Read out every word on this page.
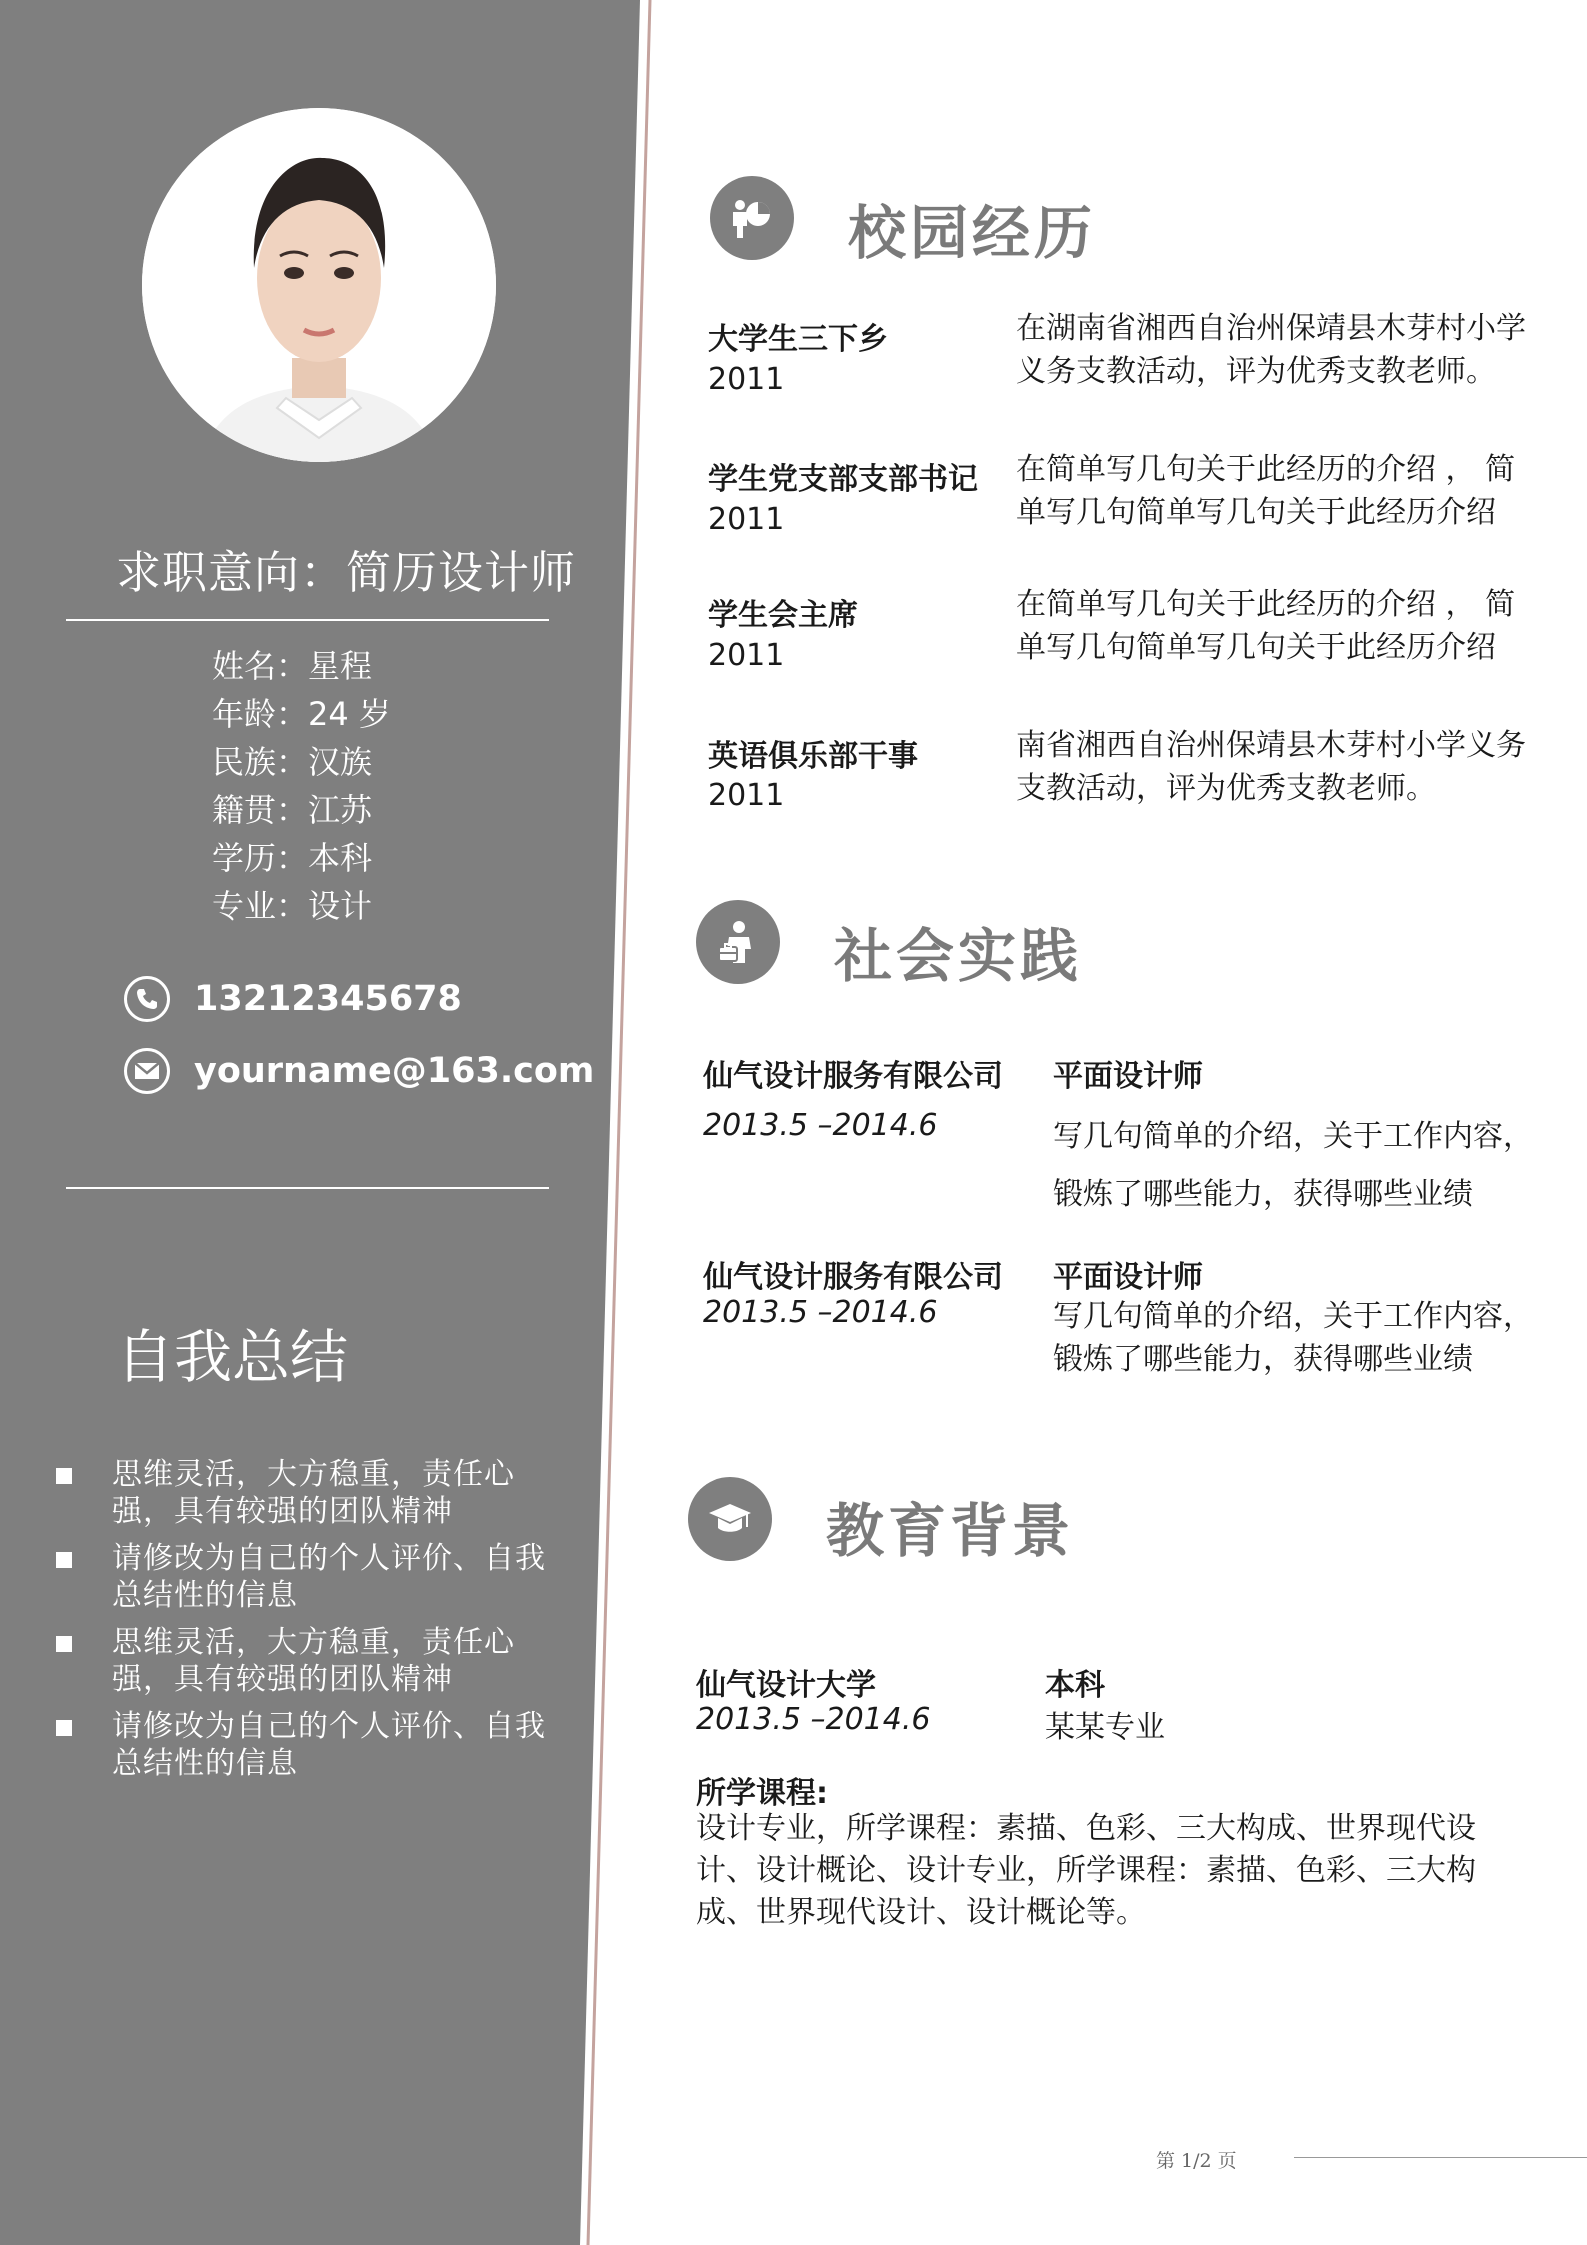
求职意向：简历设计师
姓名：星程
年龄：24 岁
民族：汉族
籍贯：江苏
学历：本科
专业：设计
13212345678
yourname@163.com
自我总结
思维灵活，大方稳重，责任心强，具有较强的团队精神
请修改为自己的个人评价、自我总结性的信息
思维灵活，大方稳重，责任心强，具有较强的团队精神
请修改为自己的个人评价、自我总结性的信息
校园经历
大学生三下乡
2011
在湖南省湘西自治州保靖县木芽村小学义务支教活动，评为优秀支教老师。
学生党支部支部书记
2011
在简单写几句关于此经历的介绍 ， 简单写几句简单写几句关于此经历介绍
学生会主席
2011
在简单写几句关于此经历的介绍 ， 简单写几句简单写几句关于此经历介绍
英语俱乐部干事
2011
南省湘西自治州保靖县木芽村小学义务支教活动，评为优秀支教老师。
社会实践
仙气设计服务有限公司
2013.5 –2014.6
平面设计师
写几句简单的介绍，关于工作内容，锻炼了哪些能力，获得哪些业绩
仙气设计服务有限公司
2013.5 –2014.6
平面设计师
写几句简单的介绍，关于工作内容，锻炼了哪些能力，获得哪些业绩
教育背景
仙气设计大学
2013.5 –2014.6
本科
某某专业
所学课程:
设计专业，所学课程：素描、色彩、三大构成、世界现代设计、设计概论、设计专业，所学课程：素描、色彩、三大构成、世界现代设计、设计概论等。
第 1/2 页
